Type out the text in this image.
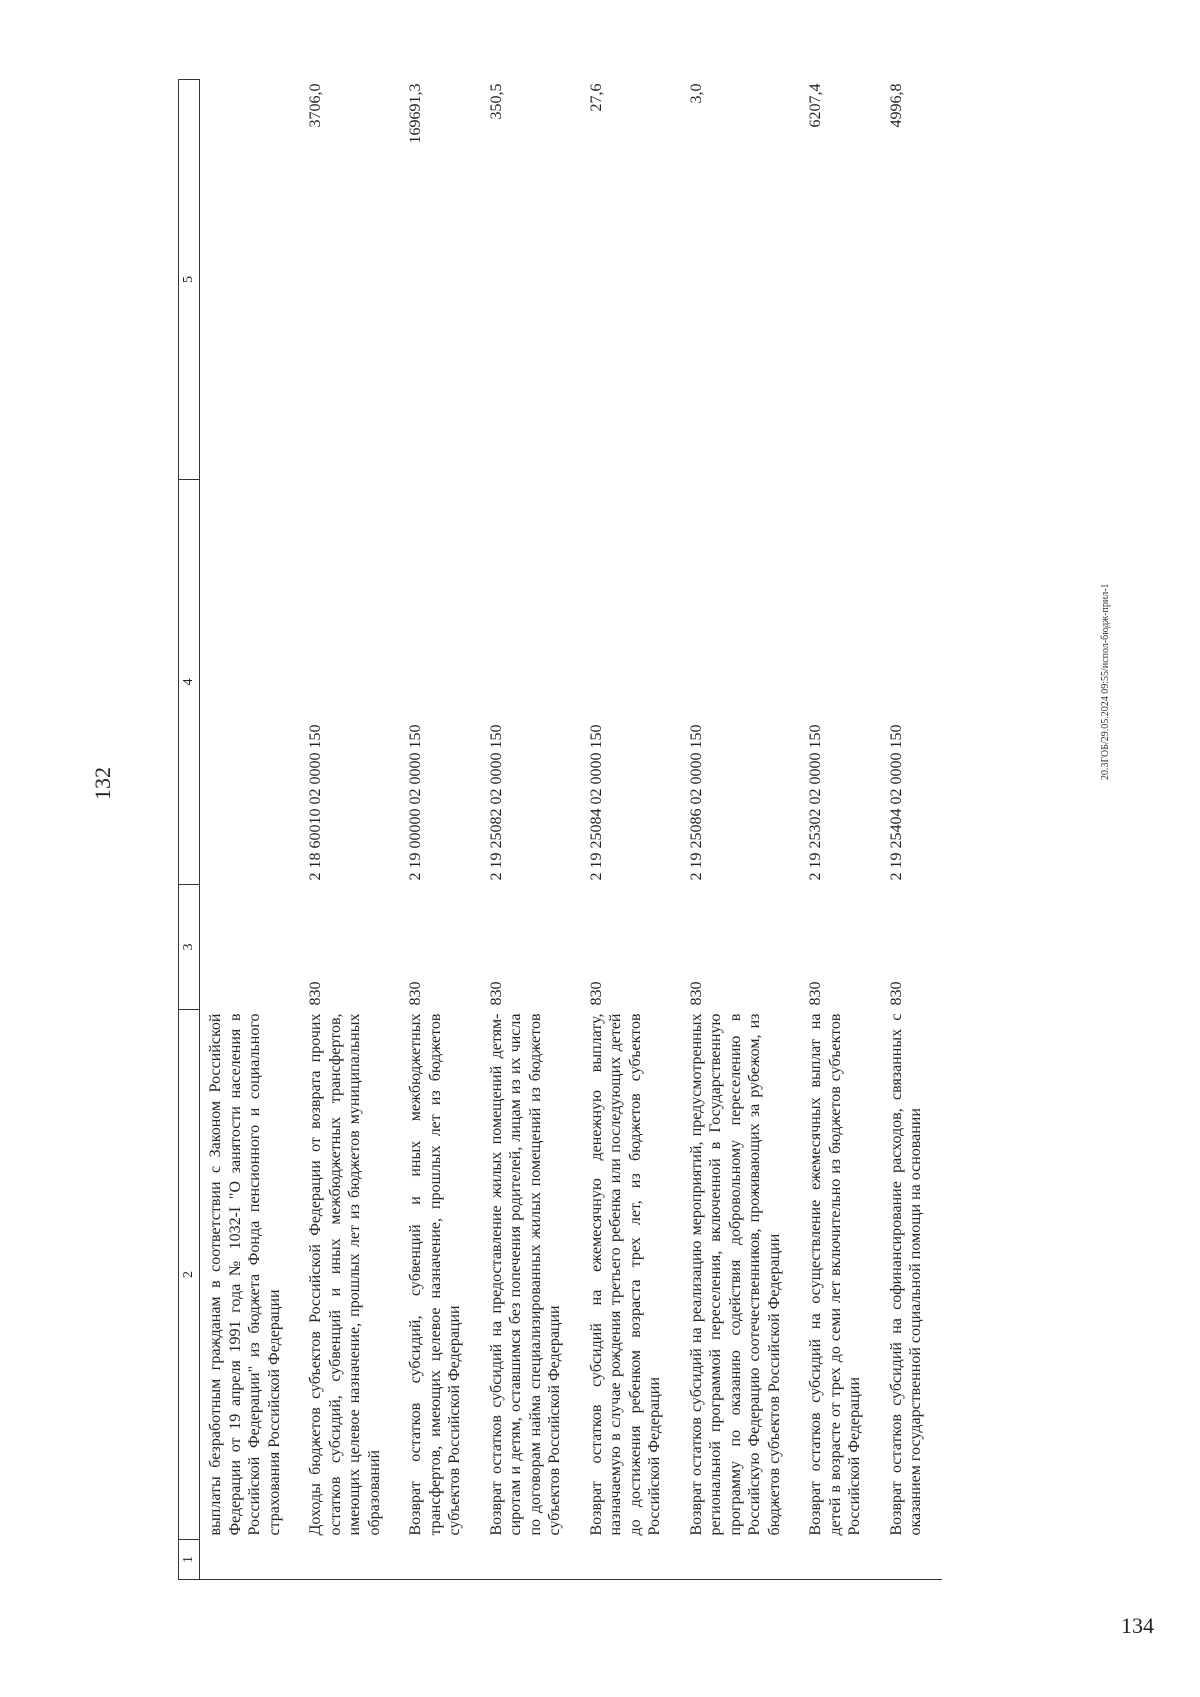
132
1	2	3	4	5
	выплаты безработным гражданам в соответствии с Законом Российской Федерации от 19 апреля 1991 года № 1032-I "О занятости населения в Российской Федерации" из бюджета Фонда пенсионного и социального страхования Российской Федерации			
	Доходы бюджетов субъектов Российской Федерации от возврата прочих остатков субсидий, субвенций и иных межбюджетных трансфертов, имеющих целевое назначение, прошлых лет из бюджетов муниципальных образований	830	2 18 60010 02 0000 150	3706,0
	Возврат остатков субсидий, субвенций и иных межбюджетных трансфертов, имеющих целевое назначение, прошлых лет из бюджетов субъектов Российской Федерации	830	2 19 00000 02 0000 150	169691,3
	Возврат остатков субсидий на предоставление жилых помещений детям-сиротам и детям, оставшимся без попечения родителей, лицам из их числа по договорам найма специализированных жилых помещений из бюджетов субъектов Российской Федерации	830	2 19 25082 02 0000 150	350,5
	Возврат остатков субсидий на ежемесячную денежную выплату, назначаемую в случае рождения третьего ребенка или последующих детей до достижения ребенком возраста трех лет, из бюджетов субъектов Российской Федерации	830	2 19 25084 02 0000 150	27,6
	Возврат остатков субсидий на реализацию мероприятий, предусмотренных региональной программой переселения, включенной в Государственную программу по оказанию содействия добровольному переселению в Российскую Федерацию соотечественников, проживающих за рубежом, из бюджетов субъектов Российской Федерации	830	2 19 25086 02 0000 150	3,0
	Возврат остатков субсидий на осуществление ежемесячных выплат на детей в возрасте от трех до семи лет включительно из бюджетов субъектов Российской Федерации	830	2 19 25302 02 0000 150	6207,4
	Возврат остатков субсидий на софинансирование расходов, связанных с оказанием государственной социальной помощи на основании	830	2 19 25404 02 0000 150	4996,8
20.3ГОБ/29.05.2024 09:55/испол-бюдж-прил-1
134
